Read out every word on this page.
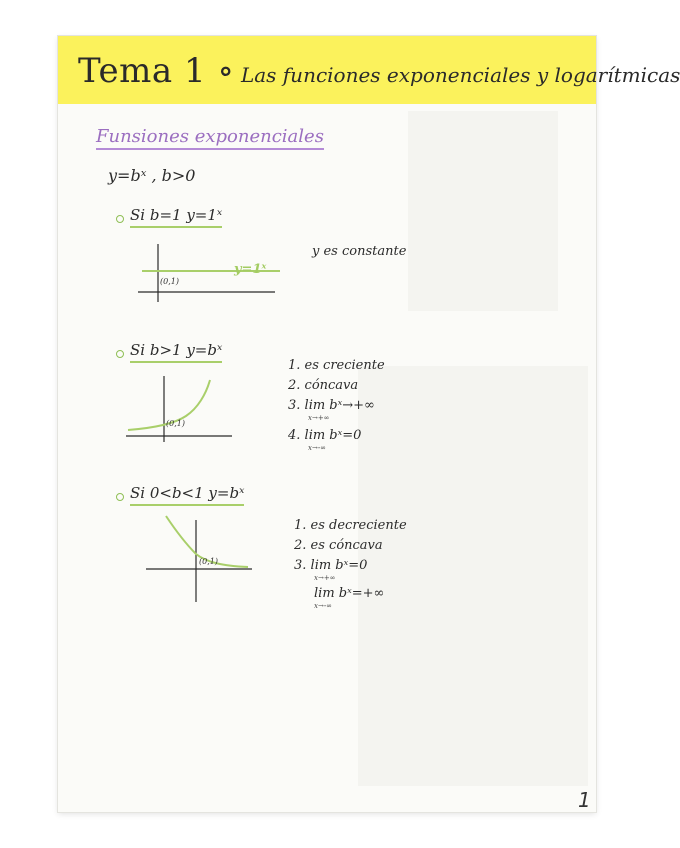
Tema 1 ∘ Las funciones exponenciales y logarítmicas
Funsiones exponenciales
y=bˣ , b>0
Si b=1 y=1ˣ
(0,1)
y=1ˣ
y es constante
Si b>1 y=bˣ
(0,1)
1. es creciente
2. cóncava
3. lim bˣ→+∞
x→+∞
4. lim bˣ=0
x→-∞
Si 0<b<1 y=bˣ
(0,1)
1. es decreciente
2. es cóncava
3. lim bˣ=0
x→+∞
lim bˣ=+∞
x→-∞
1
